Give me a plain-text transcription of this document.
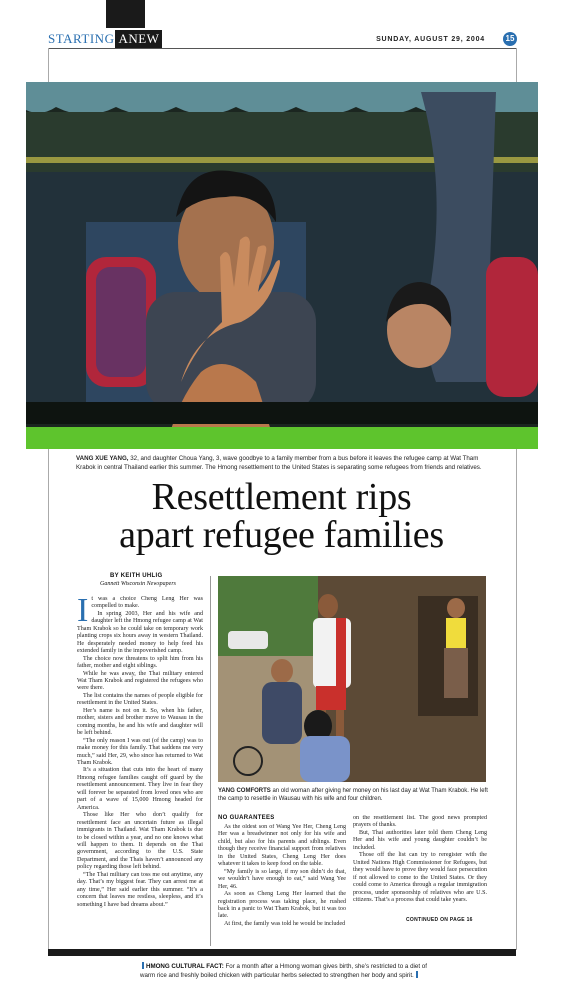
STARTING ANEW	SUNDAY, AUGUST 29, 2004	15
VANG XUE YANG, 32, and daughter Choua Yang, 3, wave goodbye to a family member from a bus before it leaves the refugee camp at Wat Tham Krabok in central Thailand earlier this summer. The Hmong resettlement to the United States is separating some refugees from friends and relatives.
Resettlement rips
apart refugee families
BY KEITH UHLIG
Gannett Wisconsin Newspapers
I t was a choice Cheng Leng Her was compelled to make.

In spring 2003, Her and his wife and daughter left the Hmong refugee camp at Wat Tham Krabok so he could take on temporary work planting crops six hours away in western Thailand. He desperately needed money to help feed his extended family in the impoverished camp.

The choice now threatens to split him from his father, mother and eight siblings.

While he was away, the Thai military entered Wat Tham Krabok and registered the refugees who were there.

The list contains the names of people eligible for resettlement in the United States.

Her’s name is not on it. So, when his father, mother, sisters and brother move to Wausau in the coming months, he and his wife and daughter will be left behind.

“The only reason I was out (of the camp) was to make money for this family. That saddens me very much,” said Her, 29, who since has returned to Wat Tham Krabok.

It’s a situation that cuts into the heart of many Hmong refugee families caught off guard by the resettlement announcement. They live in fear they will forever be separated from loved ones who are part of a wave of 15,000 Hmong headed for America.

Those like Her who don’t qualify for resettlement face an uncertain future as illegal immigrants in Thailand. Wat Tham Krabok is due to be closed within a year, and no one knows what will happen to them. It depends on the Thai government, according to the U.S. State Department, and the Thais haven’t announced any policy regarding those left behind.

“The Thai military can toss me out anytime, any day. That’s my biggest fear. They can arrest me at any time,” Her said earlier this summer. “It’s a concern that leaves me restless, sleepless, and it’s something I have bad dreams about.”

YANG COMFORTS an old woman after giving her money on his last day at Wat Tham Krabok. He left the camp to resettle in Wausau with his wife and four children.
NO GUARANTEES

As the oldest son of Wang Yee Her, Cheng Leng Her was a breadwinner not only for his wife and child, but also for his parents and siblings. Even though they receive financial support from relatives in the United States, Cheng Leng Her does whatever it takes to keep food on the table.

“My family is so large, if my son didn’t do that, we wouldn’t have enough to eat,” said Wang Yee Her, 46.

As soon as Cheng Leng Her learned that the registration process was taking place, he rushed back in a panic to Wat Tham Krabok, but it was too late.

At first, the family was told he would be included

on the resettlement list. The good news prompted prayers of thanks.

But, Thai authorities later told them Cheng Leng Her and his wife and young daughter couldn’t be included.

Those off the list can try to reregister with the United Nations High Commissioner for Refugees, but they would have to prove they would face persecution if not allowed to come to the United States. Or they could come to America through a regular immigration process, under sponsorship of relatives who are U.S. citizens. That’s a process that could take years.

CONTINUED ON PAGE 16
HMONG CULTURAL FACT: For a month after a Hmong woman gives birth, she’s restricted to a diet of warm rice and freshly boiled chicken with particular herbs selected to strengthen her body and spirit.
